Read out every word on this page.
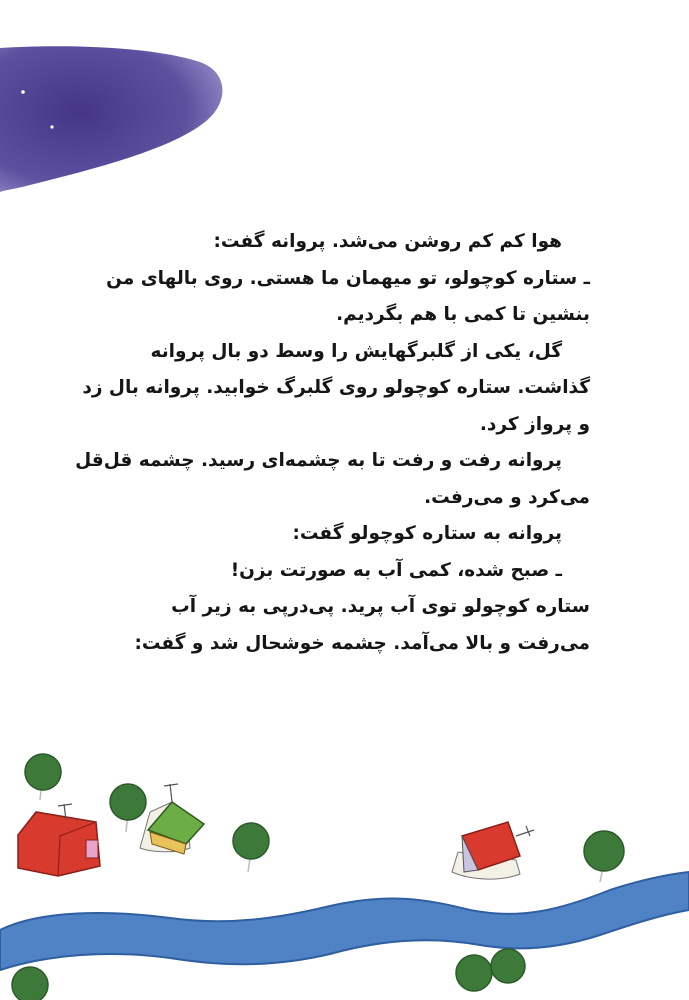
هوا کم کم روشن می‌شد. پروانه گفت:

ـ ستاره کوچولو، تو میهمان ما هستی. روی بالهای من

بنشین تا کمی با هم بگردیم.

گل، یکی از گلبرگهایش را وسط دو بال پروانه

گذاشت. ستاره کوچولو روی گلبرگ خوابید. پروانه بال زد

و پرواز کرد.

پروانه رفت و رفت تا به چشمه‌ای رسید. چشمه قل‌قل

می‌کرد و می‌رفت.

پروانه به ستاره کوچولو گفت:

ـ صبح شده، کمی آب به صورتت بزن!

ستاره کوچولو توی آب پرید. پی‌درپی به زیر آب

می‌رفت و بالا می‌آمد. چشمه خوشحال شد و گفت:
